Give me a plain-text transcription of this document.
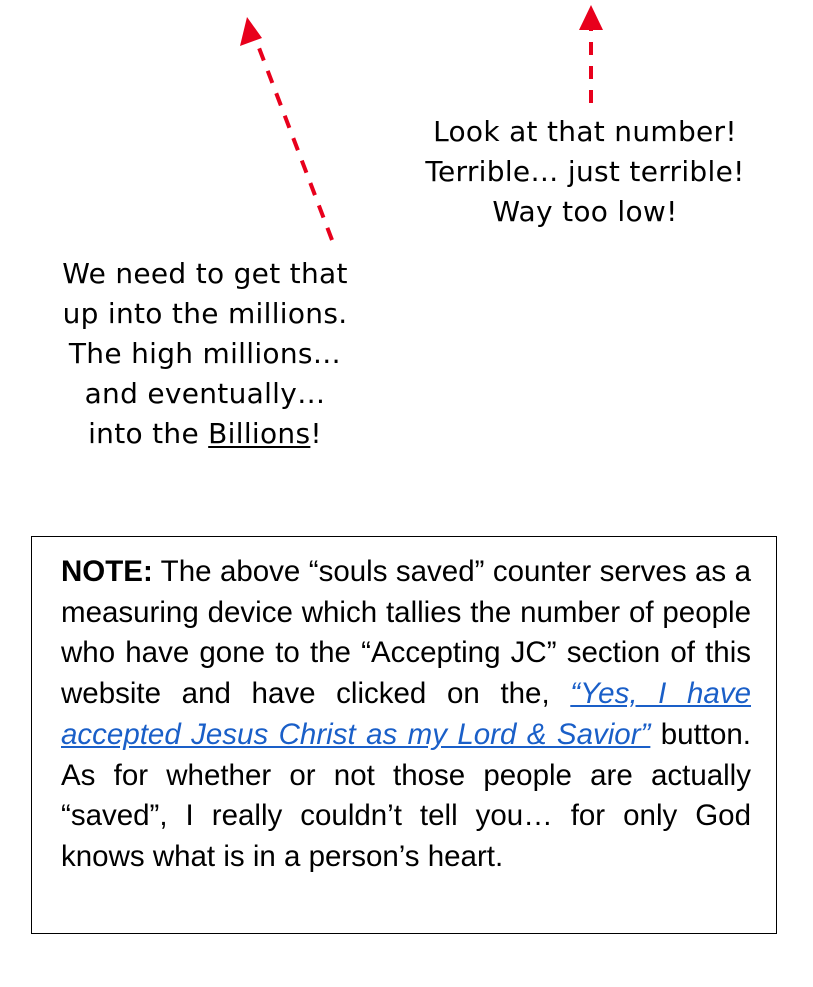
Look at that number!
Terrible… just terrible!
Way too low!
We need to get that
up into the millions.
The high millions…
and eventually…
into the Billions!

NOTE: The above “souls saved” counter serves as a measuring device which tallies the number of people who have gone to the “Accepting JC” section of this website and have clicked on the, “Yes, I have accepted Jesus Christ as my Lord & Savior” button. As for whether or not those people are actually “saved”, I really couldn’t tell you… for only God knows what is in a person’s heart.
